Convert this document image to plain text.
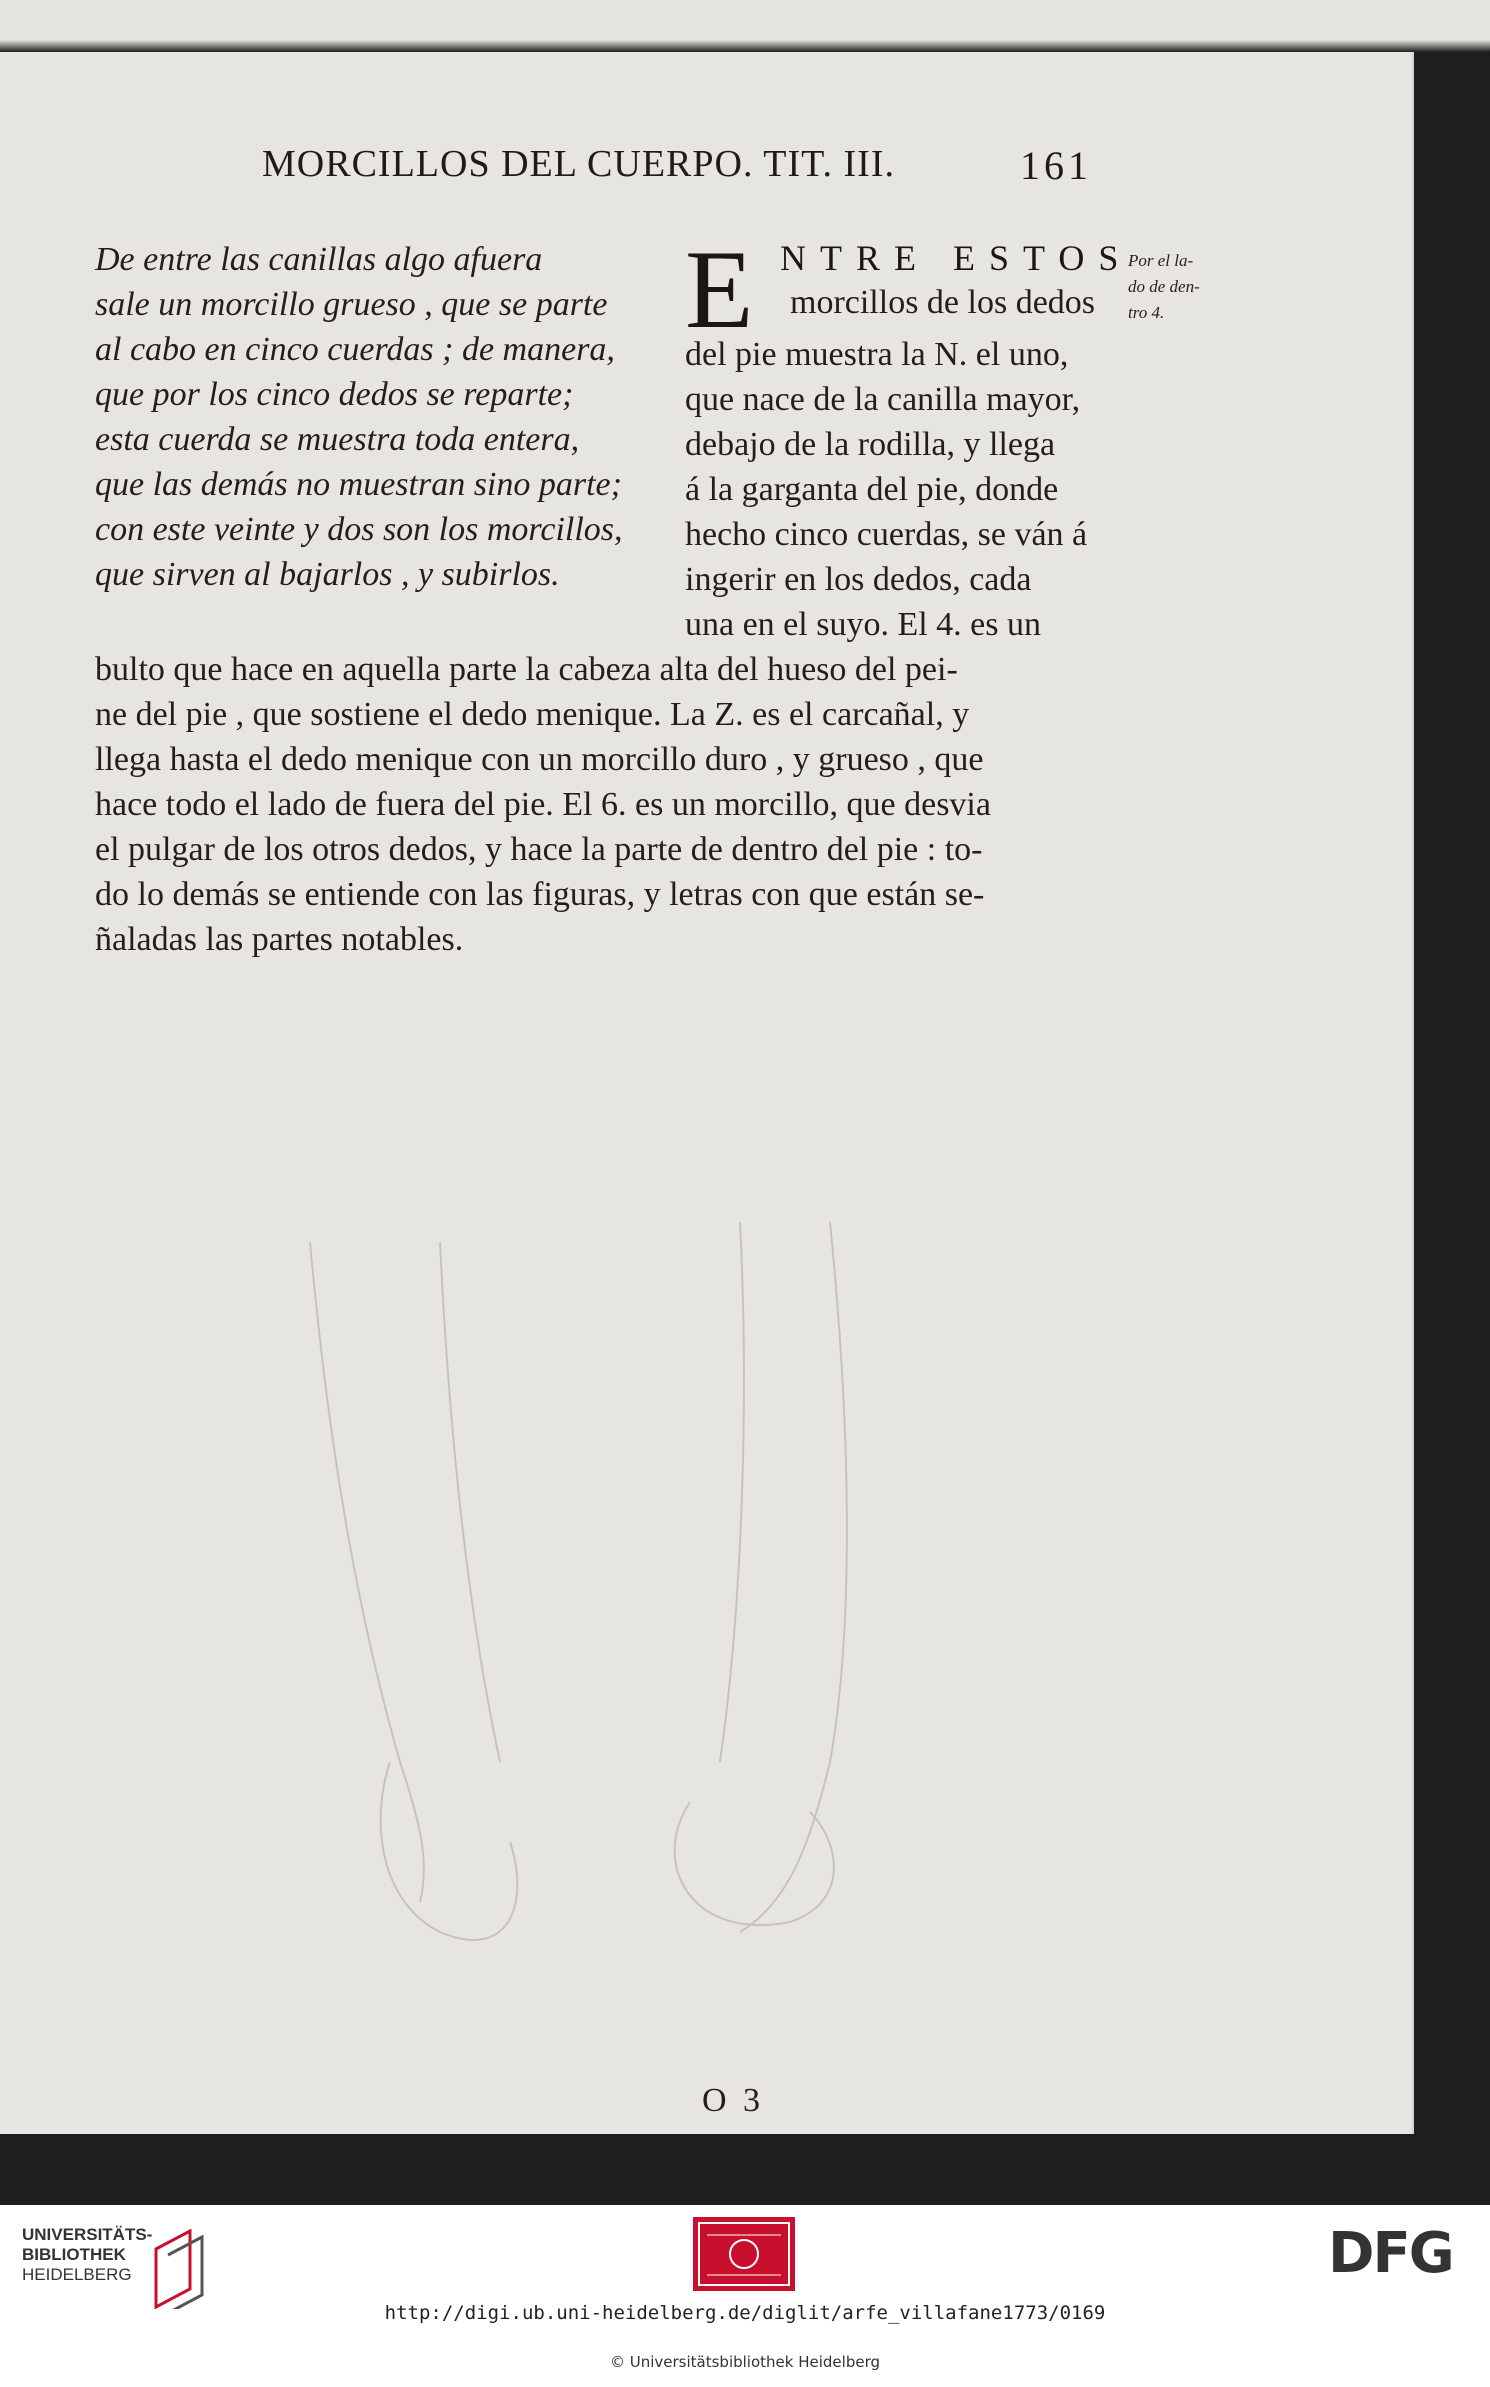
MORCILLOS DEL CUERPO. TIT. III.	161
De entre las canillas algo afuera
sale un morcillo grueso , que se parte
al cabo en cinco cuerdas ; de manera,
que por los cinco dedos se reparte;
esta cuerda se muestra toda entera,
que las demás no muestran sino parte;
con este veinte y dos son los morcillos,
que sirven al bajarlos , y subirlos.
E NTRE ESTOS
morcillos de los dedos
Por el la-
do de den-
tro 4.
del pie muestra la N. el uno,
que nace de la canilla mayor,
debajo de la rodilla, y llega
á la garganta del pie, donde
hecho cinco cuerdas, se ván á
ingerir en los dedos, cada
una en el suyo. El 4. es un
bulto que hace en aquella parte la cabeza alta del hueso del pei-
ne del pie , que sostiene el dedo menique. La Z. es el carcañal, y
llega hasta el dedo menique con un morcillo duro , y grueso , que
hace todo el lado de fuera del pie. El 6. es un morcillo, que desvia
el pulgar de los otros dedos, y hace la parte de dentro del pie : to-
do lo demás se entiende con las figuras, y letras con que están se-
ñaladas las partes notables.
O 3
UNIVERSITÄTS-
BIBLIOTHEK
HEIDELBERG	DFG
http://digi.ub.uni-heidelberg.de/diglit/arfe_villafane1773/0169
© Universitätsbibliothek Heidelberg
